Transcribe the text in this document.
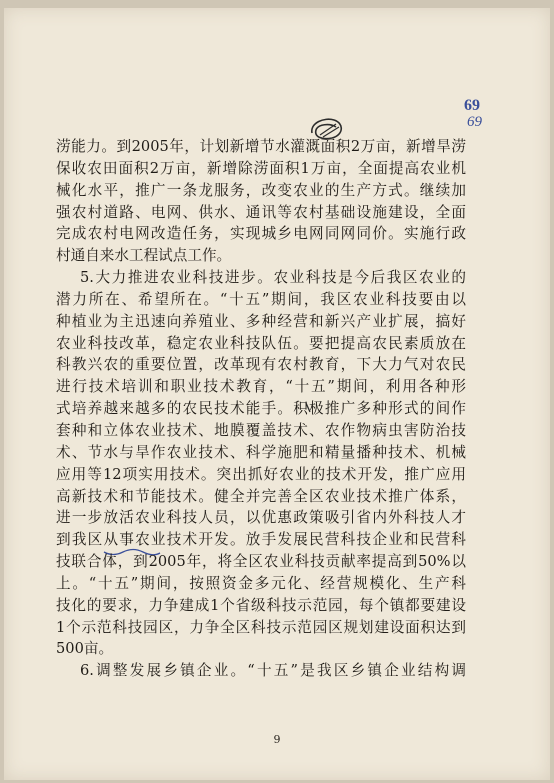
69
69
涝能力。到2005年，计划新增节水灌溉面积2万亩，新增旱涝
保收农田面积2万亩，新增除涝面积1万亩，全面提高农业机
械化水平，推广一条龙服务，改变农业的生产方式。继续加
强农村道路、电网、供水、通讯等农村基础设施建设，全面
完成农村电网改造任务，实现城乡电网同网同价。实施行政
村通自来水工程试点工作。
5.大力推进农业科技进步。农业科技是今后我区农业的
潜力所在、希望所在。“十五”期间，我区农业科技要由以
种植业为主迅速向养殖业、多种经营和新兴产业扩展，搞好
农业科技改革，稳定农业科技队伍。要把提高农民素质放在
科教兴农的重要位置，改革现有农村教育，下大力气对农民
进行技术培训和职业技术教育，“十五”期间，利用各种形
式培养越来越多的农民技术能手。积极推广多种形式的间作
套种和立体农业技术、地膜覆盖技术、农作物病虫害防治技
术、节水与旱作农业技术、科学施肥和精量播种技术、机械
应用等12项实用技术。突出抓好农业的技术开发，推广应用
高新技术和节能技术。健全并完善全区农业技术推广体系，
进一步放活农业科技人员，以优惠政策吸引省内外科技人才
到我区从事农业技术开发。放手发展民营科技企业和民营科
技联合体，到2005年，将全区农业科技贡献率提高到50%以
上。“十五”期间，按照资金多元化、经营规模化、生产科
技化的要求，力争建成1个省级科技示范园，每个镇都要建设
1个示范科技园区，力争全区科技示范园区规划建设面积达到
500亩。
6.调整发展乡镇企业。“十五”是我区乡镇企业结构调
9
